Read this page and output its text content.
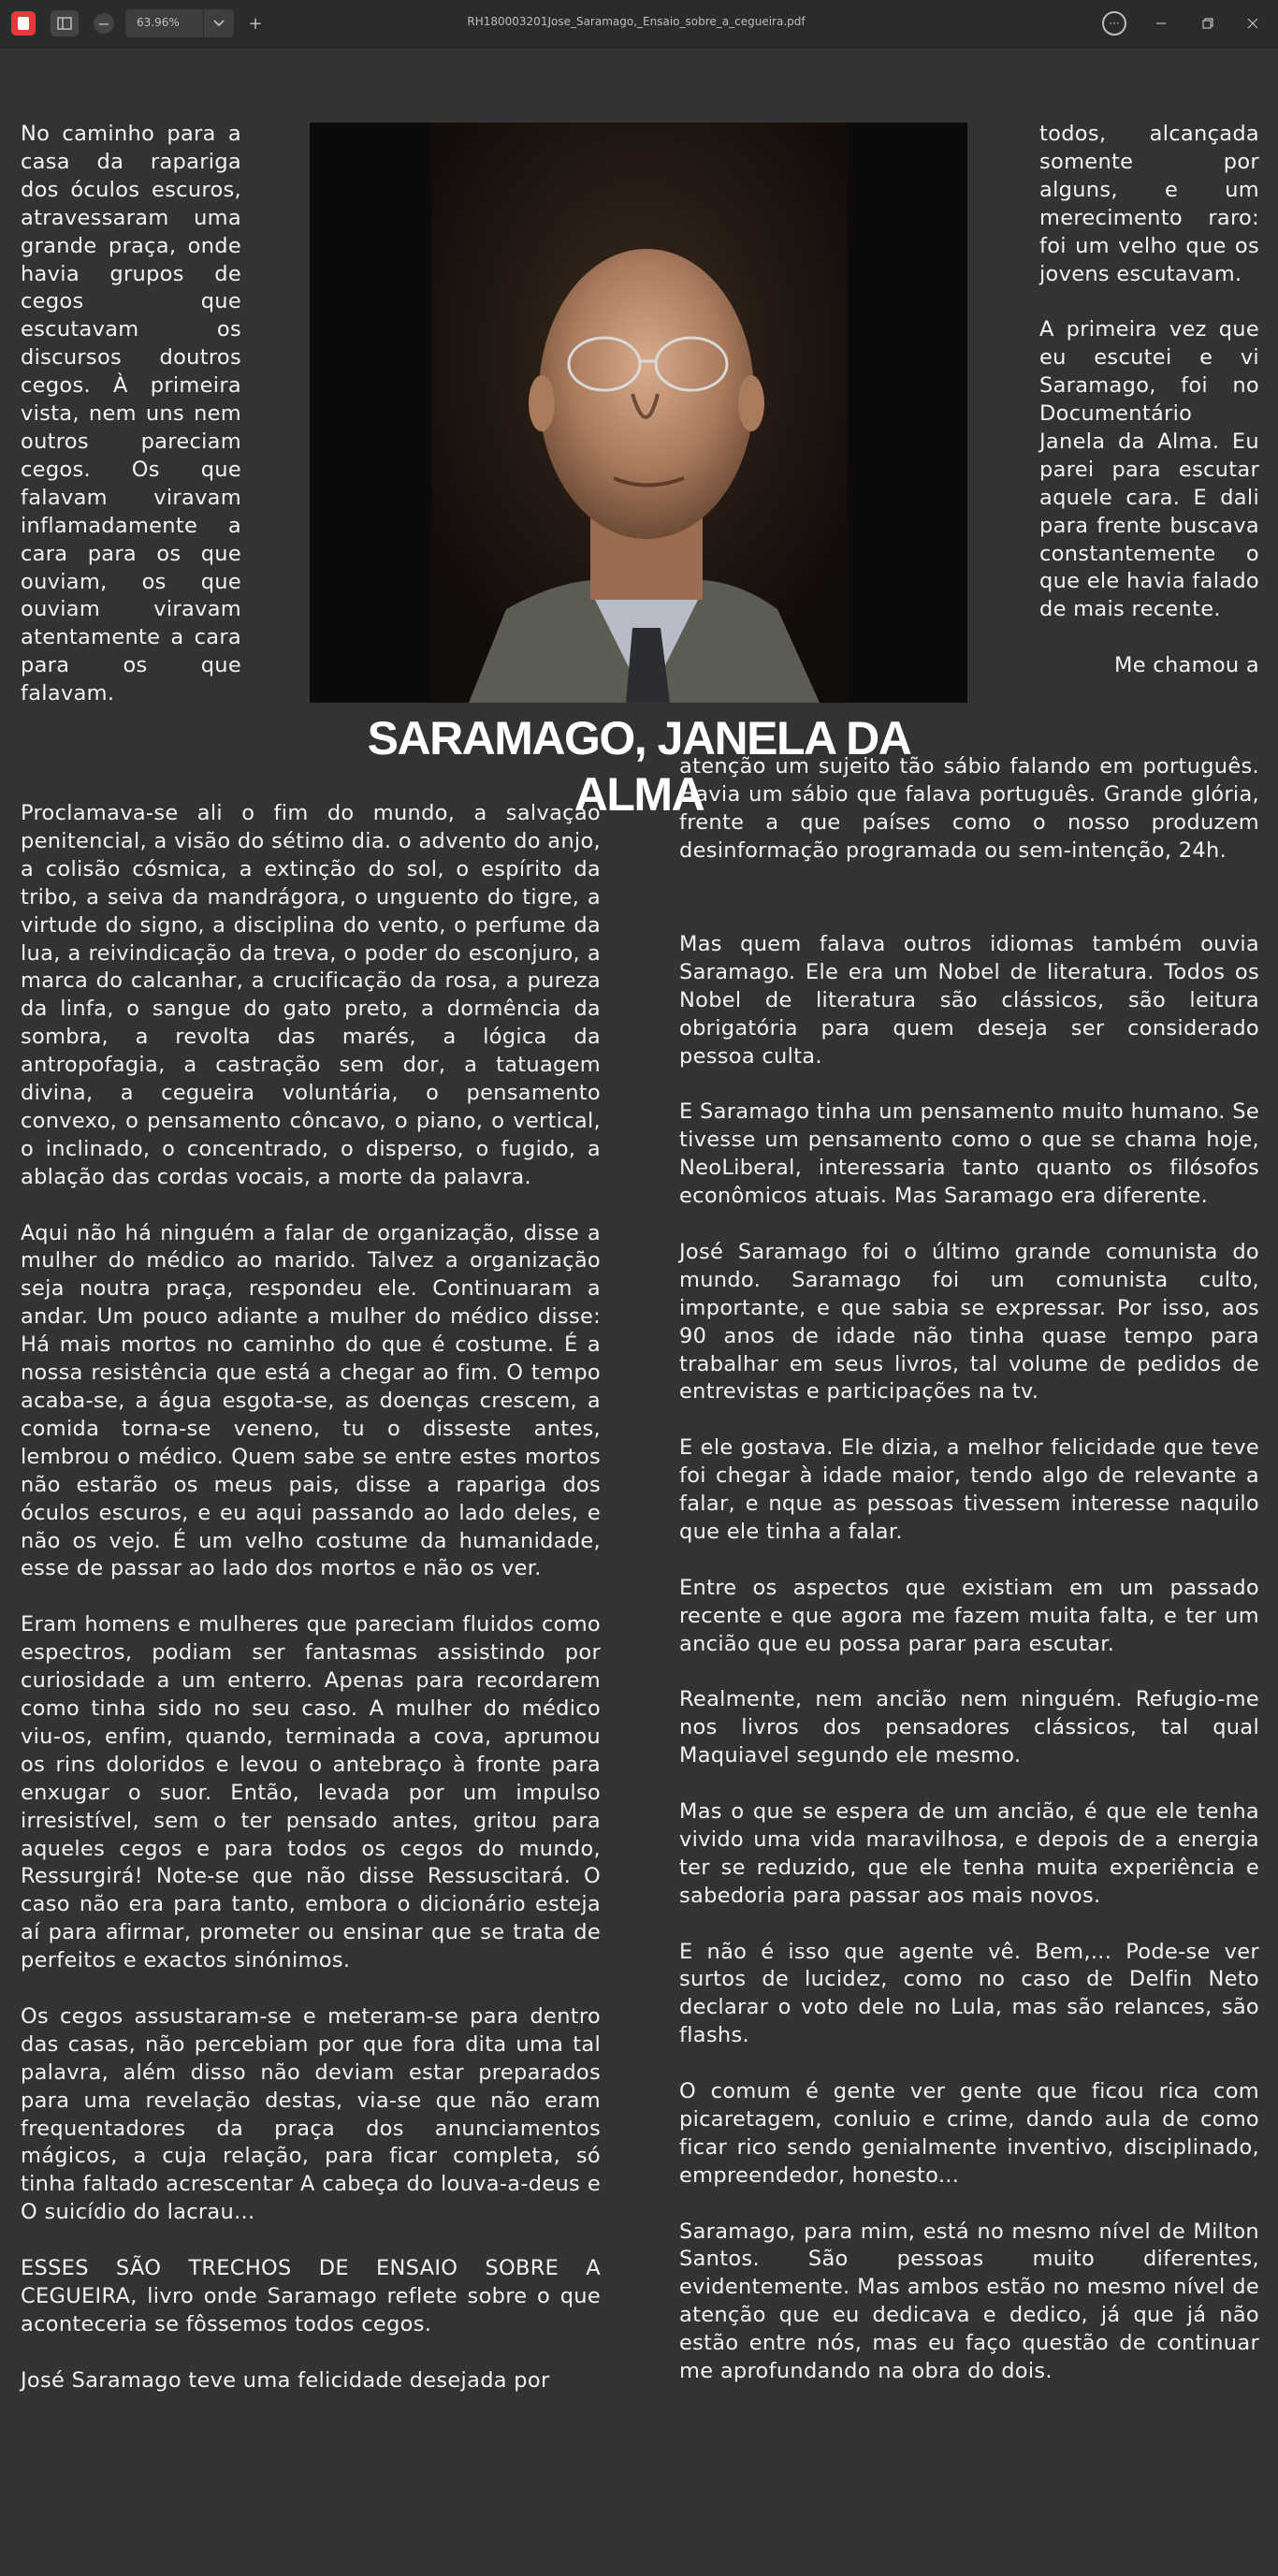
− 63.96%	+	RH180003201Jose_Saramago,_Ensaio_sobre_a_cegueira.pdf	···

No caminho para a casa da rapariga dos óculos escuros, atravessaram uma grande praça, onde havia grupos de cegos que escutavam os discursos doutros cegos. À primeira vista, nem uns nem outros pareciam cegos. Os que falavam viravam inflamadamente a cara para os que ouviam, os que ouviam viravam atentamente a cara para os que falavam.

SARAMAGO, JANELA DA ALMA

todos, alcançada somente por alguns, e um merecimento raro: foi um velho que os jovens escutavam.

A primeira vez que eu escutei e vi Saramago, foi no Documentário Janela da Alma. Eu parei para escutar aquele cara. E dali para frente buscava constantemente o que ele havia falado de mais recente.

Me chamou a

atenção um sujeito tão sábio falando em português. Havia um sábio que falava português. Grande glória, frente a que países como o nosso produzem desinformação programada ou sem-intenção, 24h.

Proclamava-se ali o fim do mundo, a salvação penitencial, a visão do sétimo dia. o advento do anjo, a colisão cósmica, a extinção do sol, o espírito da tribo, a seiva da mandrágora, o unguento do tigre, a virtude do signo, a disciplina do vento, o perfume da lua, a reivindicação da treva, o poder do esconjuro, a marca do calcanhar, a crucificação da rosa, a pureza da linfa, o sangue do gato preto, a dormência da sombra, a revolta das marés, a lógica da antropofagia, a castração sem dor, a tatuagem divina, a cegueira voluntária, o pensamento convexo, o pensamento côncavo, o piano, o vertical, o inclinado, o concentrado, o disperso, o fugido, a ablação das cordas vocais, a morte da palavra.

Aqui não há ninguém a falar de organização, disse a mulher do médico ao marido. Talvez a organização seja noutra praça, respondeu ele. Continuaram a andar. Um pouco adiante a mulher do médico disse: Há mais mortos no caminho do que é costume. É a nossa resistência que está a chegar ao fim. O tempo acaba-se, a água esgota-se, as doenças crescem, a comida torna-se veneno, tu o disseste antes, lembrou o médico. Quem sabe se entre estes mortos não estarão os meus pais, disse a rapariga dos óculos escuros, e eu aqui passando ao lado deles, e não os vejo. É um velho costume da humanidade, esse de passar ao lado dos mortos e não os ver.

Eram homens e mulheres que pareciam fluidos como espectros, podiam ser fantasmas assistindo por curiosidade a um enterro. Apenas para recordarem como tinha sido no seu caso. A mulher do médico viu-os, enfim, quando, terminada a cova, aprumou os rins doloridos e levou o antebraço à fronte para enxugar o suor. Então, levada por um impulso irresistível, sem o ter pensado antes, gritou para aqueles cegos e para todos os cegos do mundo, Ressurgirá! Note-se que não disse Ressuscitará. O caso não era para tanto, embora o dicionário esteja aí para afirmar, prometer ou ensinar que se trata de perfeitos e exactos sinónimos.

Os cegos assustaram-se e meteram-se para dentro das casas, não percebiam por que fora dita uma tal palavra, além disso não deviam estar preparados para uma revelação destas, via-se que não eram frequentadores da praça dos anunciamentos mágicos, a cuja relação, para ficar completa, só tinha faltado acrescentar A cabeça do louva-a-deus e O suicídio do lacrau...

ESSES SÃO TRECHOS DE ENSAIO SOBRE A CEGUEIRA, livro onde Saramago reflete sobre o que aconteceria se fôssemos todos cegos.

José Saramago teve uma felicidade desejada por

Mas quem falava outros idiomas também ouvia Saramago. Ele era um Nobel de literatura. Todos os Nobel de literatura são clássicos, são leitura obrigatória para quem deseja ser considerado pessoa culta.

E Saramago tinha um pensamento muito humano. Se tivesse um pensamento como o que se chama hoje, NeoLiberal, interessaria tanto quanto os filósofos econômicos atuais. Mas Saramago era diferente.

José Saramago foi o último grande comunista do mundo. Saramago foi um comunista culto, importante, e que sabia se expressar. Por isso, aos 90 anos de idade não tinha quase tempo para trabalhar em seus livros, tal volume de pedidos de entrevistas e participações na tv.

E ele gostava. Ele dizia, a melhor felicidade que teve foi chegar à idade maior, tendo algo de relevante a falar, e nque as pessoas tivessem interesse naquilo que ele tinha a falar.

Entre os aspectos que existiam em um passado recente e que agora me fazem muita falta, e ter um ancião que eu possa parar para escutar.

Realmente, nem ancião nem ninguém. Refugio-me nos livros dos pensadores clássicos, tal qual Maquiavel segundo ele mesmo.

Mas o que se espera de um ancião, é que ele tenha vivido uma vida maravilhosa, e depois de a energia ter se reduzido, que ele tenha muita experiência e sabedoria para passar aos mais novos.

E não é isso que agente vê. Bem,... Pode-se ver surtos de lucidez, como no caso de Delfin Neto declarar o voto dele no Lula, mas são relances, são flashs.

O comum é gente ver gente que ficou rica com picaretagem, conluio e crime, dando aula de como ficar rico sendo genialmente inventivo, disciplinado, empreendedor, honesto...

Saramago, para mim, está no mesmo nível de Milton Santos. São pessoas muito diferentes, evidentemente. Mas ambos estão no mesmo nível de atenção que eu dedicava e dedico, já que já não estão entre nós, mas eu faço questão de continuar me aprofundando na obra do dois.
